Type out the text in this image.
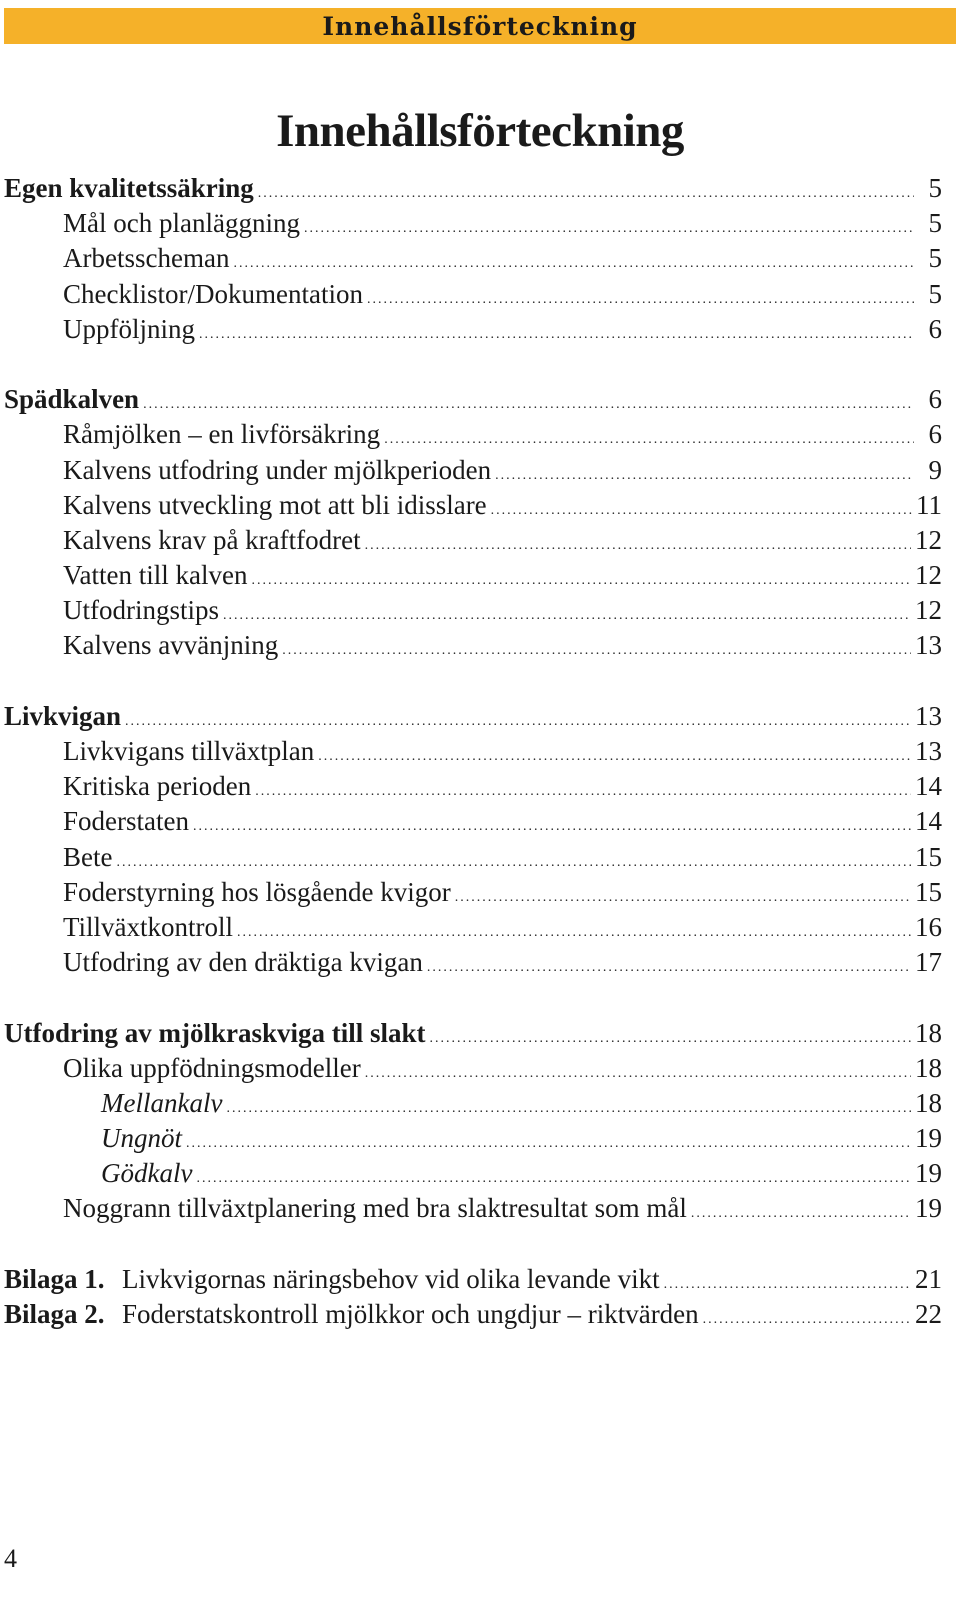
Innehållsförteckning
Innehållsförteckning
Egen kvalitetssäkring .....	5
Mål och planläggning .....	5
Arbetsscheman .....	5
Checklistor/Dokumentation .....	5
Uppföljning .....	6
Spädkalven .....	6
Råmjölken – en livförsäkring .....	6
Kalvens utfodring under mjölkperioden .....	9
Kalvens utveckling mot att bli idisslare .....	11
Kalvens krav på kraftfodret .....	12
Vatten till kalven .....	12
Utfodringstips .....	12
Kalvens avvänjning .....	13
Livkvigan .....	13
Livkvigans tillväxtplan .....	13
Kritiska perioden .....	14
Foderstaten .....	14
Bete .....	15
Foderstyrning hos lösgående kvigor .....	15
Tillväxtkontroll .....	16
Utfodring av den dräktiga kvigan .....	17
Utfodring av mjölkraskviga till slakt .....	18
Olika uppfödningsmodeller .....	18
Mellankalv .....	18
Ungnöt .....	19
Gödkalv .....	19
Noggrann tillväxtplanering med bra slaktresultat som mål .....	19
Bilaga 1. Livkvigornas näringsbehov vid olika levande vikt .....	21
Bilaga 2. Foderstatskontroll mjölkkor och ungdjur – riktvärden .....	22
4
